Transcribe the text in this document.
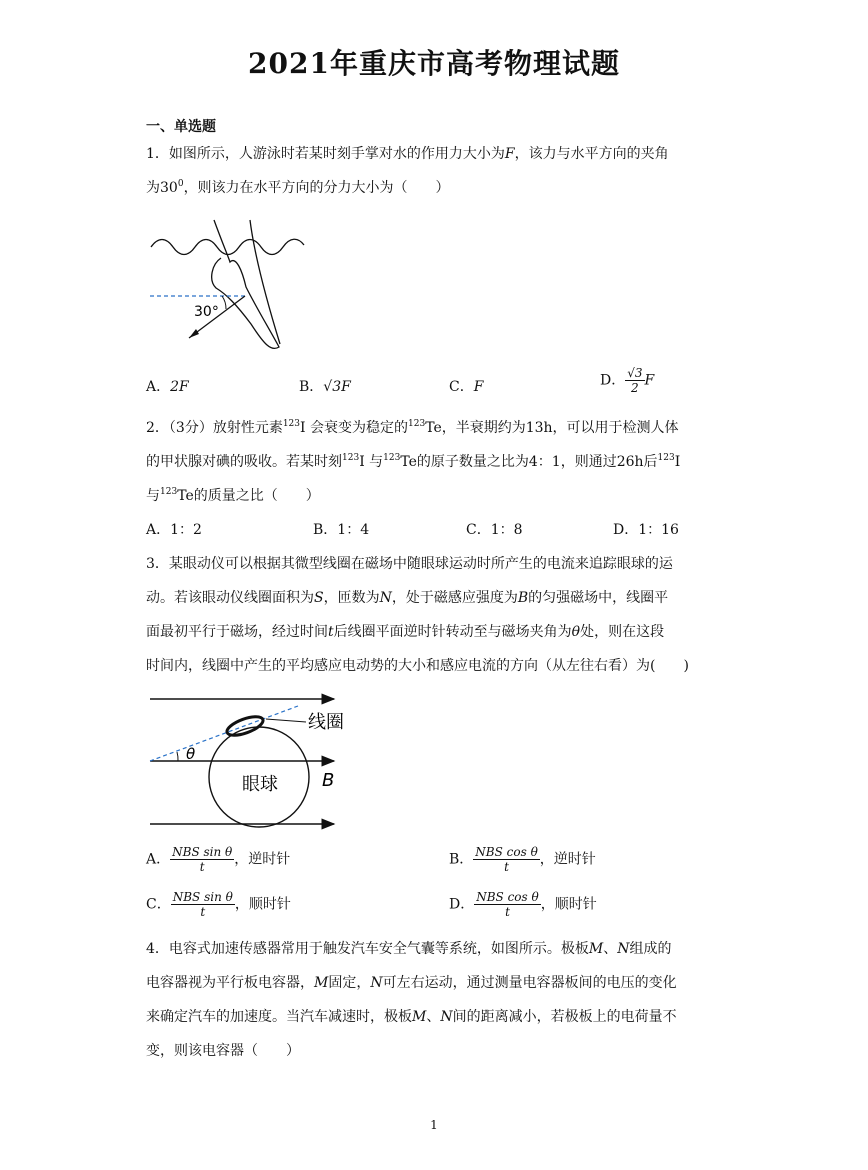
2021年重庆市高考物理试题
一、单选题
1．如图所示，人游泳时若某时刻手掌对水的作用力大小为F，该力与水平方向的夹角
为$30^0$，则该力在水平方向的分力大小为（　　）
30°
A．2F	B．√3F	C．F	D． $\frac{√3}{2}$ F
2．（3分）放射性元素$^{123}$I 会衰变为稳定的$^{123}$Te，半衰期约为13h，可以用于检测人体
的甲状腺对碘的吸收。若某时刻$^{123}$I 与$^{123}$Te的原子数量之比为4：1，则通过26h后$^{123}$I
与$^{123}$Te的质量之比（　　）
A．1：2	B．1：4	C．1：8	D．1：16
3．某眼动仪可以根据其微型线圈在磁场中随眼球运动时所产生的电流来追踪眼球的运
动。若该眼动仪线圈面积为S，匝数为N，处于磁感应强度为B的匀强磁场中，线圈平
面最初平行于磁场，经过时间t后线圈平面逆时针转动至与磁场夹角为θ处，则在这段
时间内，线圈中产生的平均感应电动势的大小和感应电流的方向（从左往右看）为(　　)
θ
线圈
眼球 B
A． $\frac{\text{NBS sin θ}}{t}$ ，逆时针	B． $\frac{\text{NBS cos θ}}{t}$ ，逆时针
C． $\frac{\text{NBS sin θ}}{t}$ ，顺时针	D． $\frac{\text{NBS cos θ}}{t}$ ，顺时针
4．电容式加速传感器常用于触发汽车安全气囊等系统，如图所示。极板M、N组成的
电容器视为平行板电容器，M固定，N可左右运动，通过测量电容器板间的电压的变化
来确定汽车的加速度。当汽车减速时，极板M、N间的距离减小，若极板上的电荷量不
变，则该电容器（　　）
1
